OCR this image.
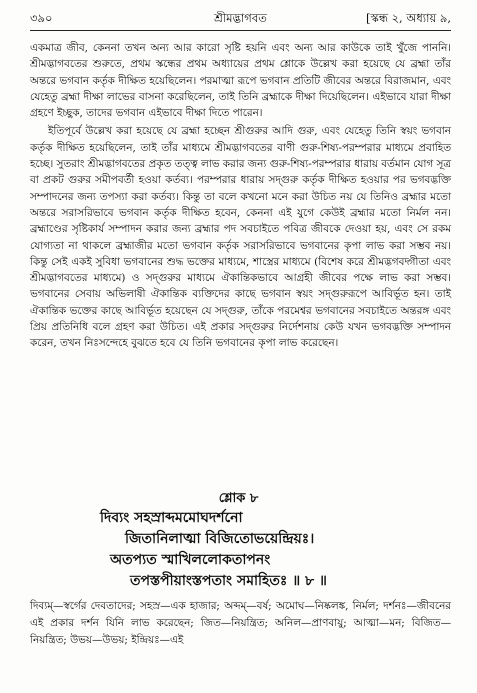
৩৯০	শ্রীমদ্ভাগবত	[স্কন্ধ ২, অধ্যায় ৯,

একমাত্র জীব, কেননা তখন অন্য আর কারো সৃষ্টি হয়নি এবং অন্য আর কাউকে তাই খুঁজে পাননি। শ্রীমদ্ভাগবতের শুরুতে, প্রথম স্কন্ধের প্রথম অধ্যায়ের প্রথম শ্লোকে উল্লেখ করা হয়েছে যে ব্রহ্মা তাঁর অন্তরে ভগবান কর্তৃক দীক্ষিত হয়েছিলেন। পরমাত্মা রূপে ভগবান প্রতিটি জীবের অন্তরে বিরাজমান, এবং যেহেতু ব্রহ্মা দীক্ষা লাভের বাসনা করেছিলেন, তাই তিনি ব্রহ্মাকে দীক্ষা দিয়েছিলেন। এইভাবে যারা দীক্ষা গ্রহণে ইচ্ছুক, তাদের ভগবান এইভাবে দীক্ষা দিতে পারেন।

ইতিপূর্বে উল্লেখ করা হয়েছে যে ব্রহ্মা হচ্ছেন শ্রীগুরুর আদি গুরু, এবং যেহেতু তিনি স্বয়ং ভগবান কর্তৃক দীক্ষিত হয়েছিলেন, তাই তাঁর মাধ্যমে শ্রীমদ্ভাগবতের বাণী গুরু-শিষ্য-পরম্পরার মাধ্যমে প্রবাহিত হচ্ছে। সুতরাং শ্রীমদ্ভাগবতের প্রকৃত তত্ত্ব লাভ করার জন্য গুরু-শিষ্য-পরম্পরার ধারায় বর্তমান যোগ সূত্র বা প্রকট গুরুর সমীপবর্তী হওয়া কর্তব্য। পরম্পরার ধারায় সদ্গুরু কর্তৃক দীক্ষিত হওয়ার পর ভগবদ্ভক্তি সম্পাদনের জন্য তপস্যা করা কর্তব্য। কিন্তু তা বলে কখনো মনে করা উচিত নয় যে তিনিও ব্রহ্মার মতো অন্তরে সরাসরিভাবে ভগবান কর্তৃক দীক্ষিত হবেন, কেননা এই যুগে কেউই ব্রহ্মার মতো নির্মল নন। ব্রহ্মাণ্ডের সৃষ্টিকার্য সম্পাদন করার জন্য ব্রহ্মার পদ সবচাইতে পবিত্র জীবকে দেওয়া হয়, এবং সে রকম যোগ্যতা না থাকলে ব্রহ্মাজীর মতো ভগবান কর্তৃক সরাসরিভাবে ভগবানের কৃপা লাভ করা সম্ভব নয়। কিন্তু সেই একই সুবিধা ভগবানের শুদ্ধ ভক্তের মাধ্যমে, শাস্ত্রের মাধ্যমে (বিশেষ করে শ্রীমদ্ভগবদ্গীতা এবং শ্রীমদ্ভাগবতের মাধ্যমে) ও সদ্গুরুর মাধ্যমে ঐকান্তিকভাবে আগ্রহী জীবের পক্ষে লাভ করা সম্ভব। ভগবানের সেবায় অভিলাষী ঐকান্তিক ব্যক্তিদের কাছে ভগবান স্বয়ং সদ্গুরুরূপে আবির্ভূত হন। তাই ঐকান্তিক ভক্তের কাছে আবির্ভূত হয়েছেন যে সদ্গুরু, তাঁকে পরমেশ্বর ভগবানের সবচাইতে অন্তরঙ্গ এবং প্রিয় প্রতিনিধি বলে গ্রহণ করা উচিত। এই প্রকার সদ্গুরুর নির্দেশনায় কেউ যখন ভগবদ্ভক্তি সম্পাদন করেন, তখন নিঃসন্দেহে বুঝতে হবে যে তিনি ভগবানের কৃপা লাভ করেছেন।

শ্লোক ৮
দিব্যং সহস্রাব্দমমোঘদর্শনো
জিতানিলাত্মা বিজিতোভয়েন্দ্রিয়ঃ।
অতপ্যত স্মাখিললোকতাপনং
তপস্তপীয়াংস্তপতাং সমাহিতঃ ॥ ৮ ॥
দিব্যম্—স্বর্গের দেবতাদের; সহস্র—এক হাজার; অব্দম্—বর্ষ; অমোঘ—নিষ্কলঙ্ক, নির্মল; দর্শনঃ—জীবনের এই প্রকার দর্শন যিনি লাভ করেছেন; জিত—নিয়ন্ত্রিত; অনিল—প্রাণবায়ু; আত্মা—মন; বিজিত—নিয়ন্ত্রিত; উভয়—উভয়; ইন্দ্রিয়ঃ—এই
